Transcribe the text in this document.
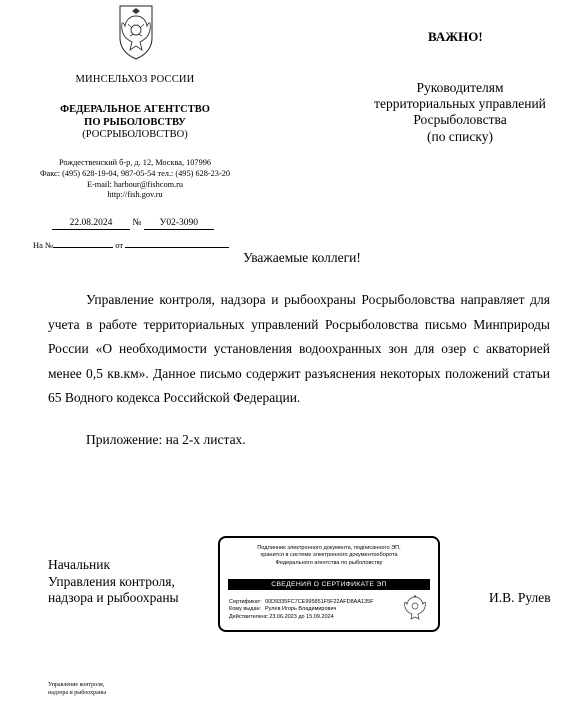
МИНСЕЛЬХОЗ РОССИИ
ФЕДЕРАЛЬНОЕ АГЕНТСТВО
ПО РЫБОЛОВСТВУ
(РОСРЫБОЛОВСТВО)
Рождественский б-р, д. 12, Москва, 107996
Факс: (495) 628-19-04, 987-05-54 тел.: (495) 628-23-20
E-mail: harbour@fishcom.ru
http://fish.gov.ru
22.08.2024 № У02-3090
На №	от
ВАЖНО!
Руководителям
территориальных управлений
Росрыболовства
(по списку)
Уважаемые коллеги!

Управление контроля, надзора и рыбоохраны Росрыболовства направляет для учета в работе территориальных управлений Росрыболовства письмо Минприроды России «О необходимости установления водоохранных зон для озер с акваторией менее 0,5 кв.км». Данное письмо содержит разъяснения некоторых положений статьи 65 Водного кодекса Российской Федерации.

Приложение: на 2-х листах.
Начальник
Управления контроля,
надзора и рыбоохраны
Подлинник электронного документа, подписанного ЭП,
хранится в системе электронного документооборота
Федерального агентства по рыболовству
СВЕДЕНИЯ О СЕРТИФИКАТЕ ЭП
Сертификат: 00D9335FC7CE995851F5F22AFD8AA135F
Кому выдан: Рулев Игорь Владимирович
Действителен:с 23.06.2023 до 15.09.2024
И.В. Рулев
Управление контроля,
надзора и рыбоохраны
